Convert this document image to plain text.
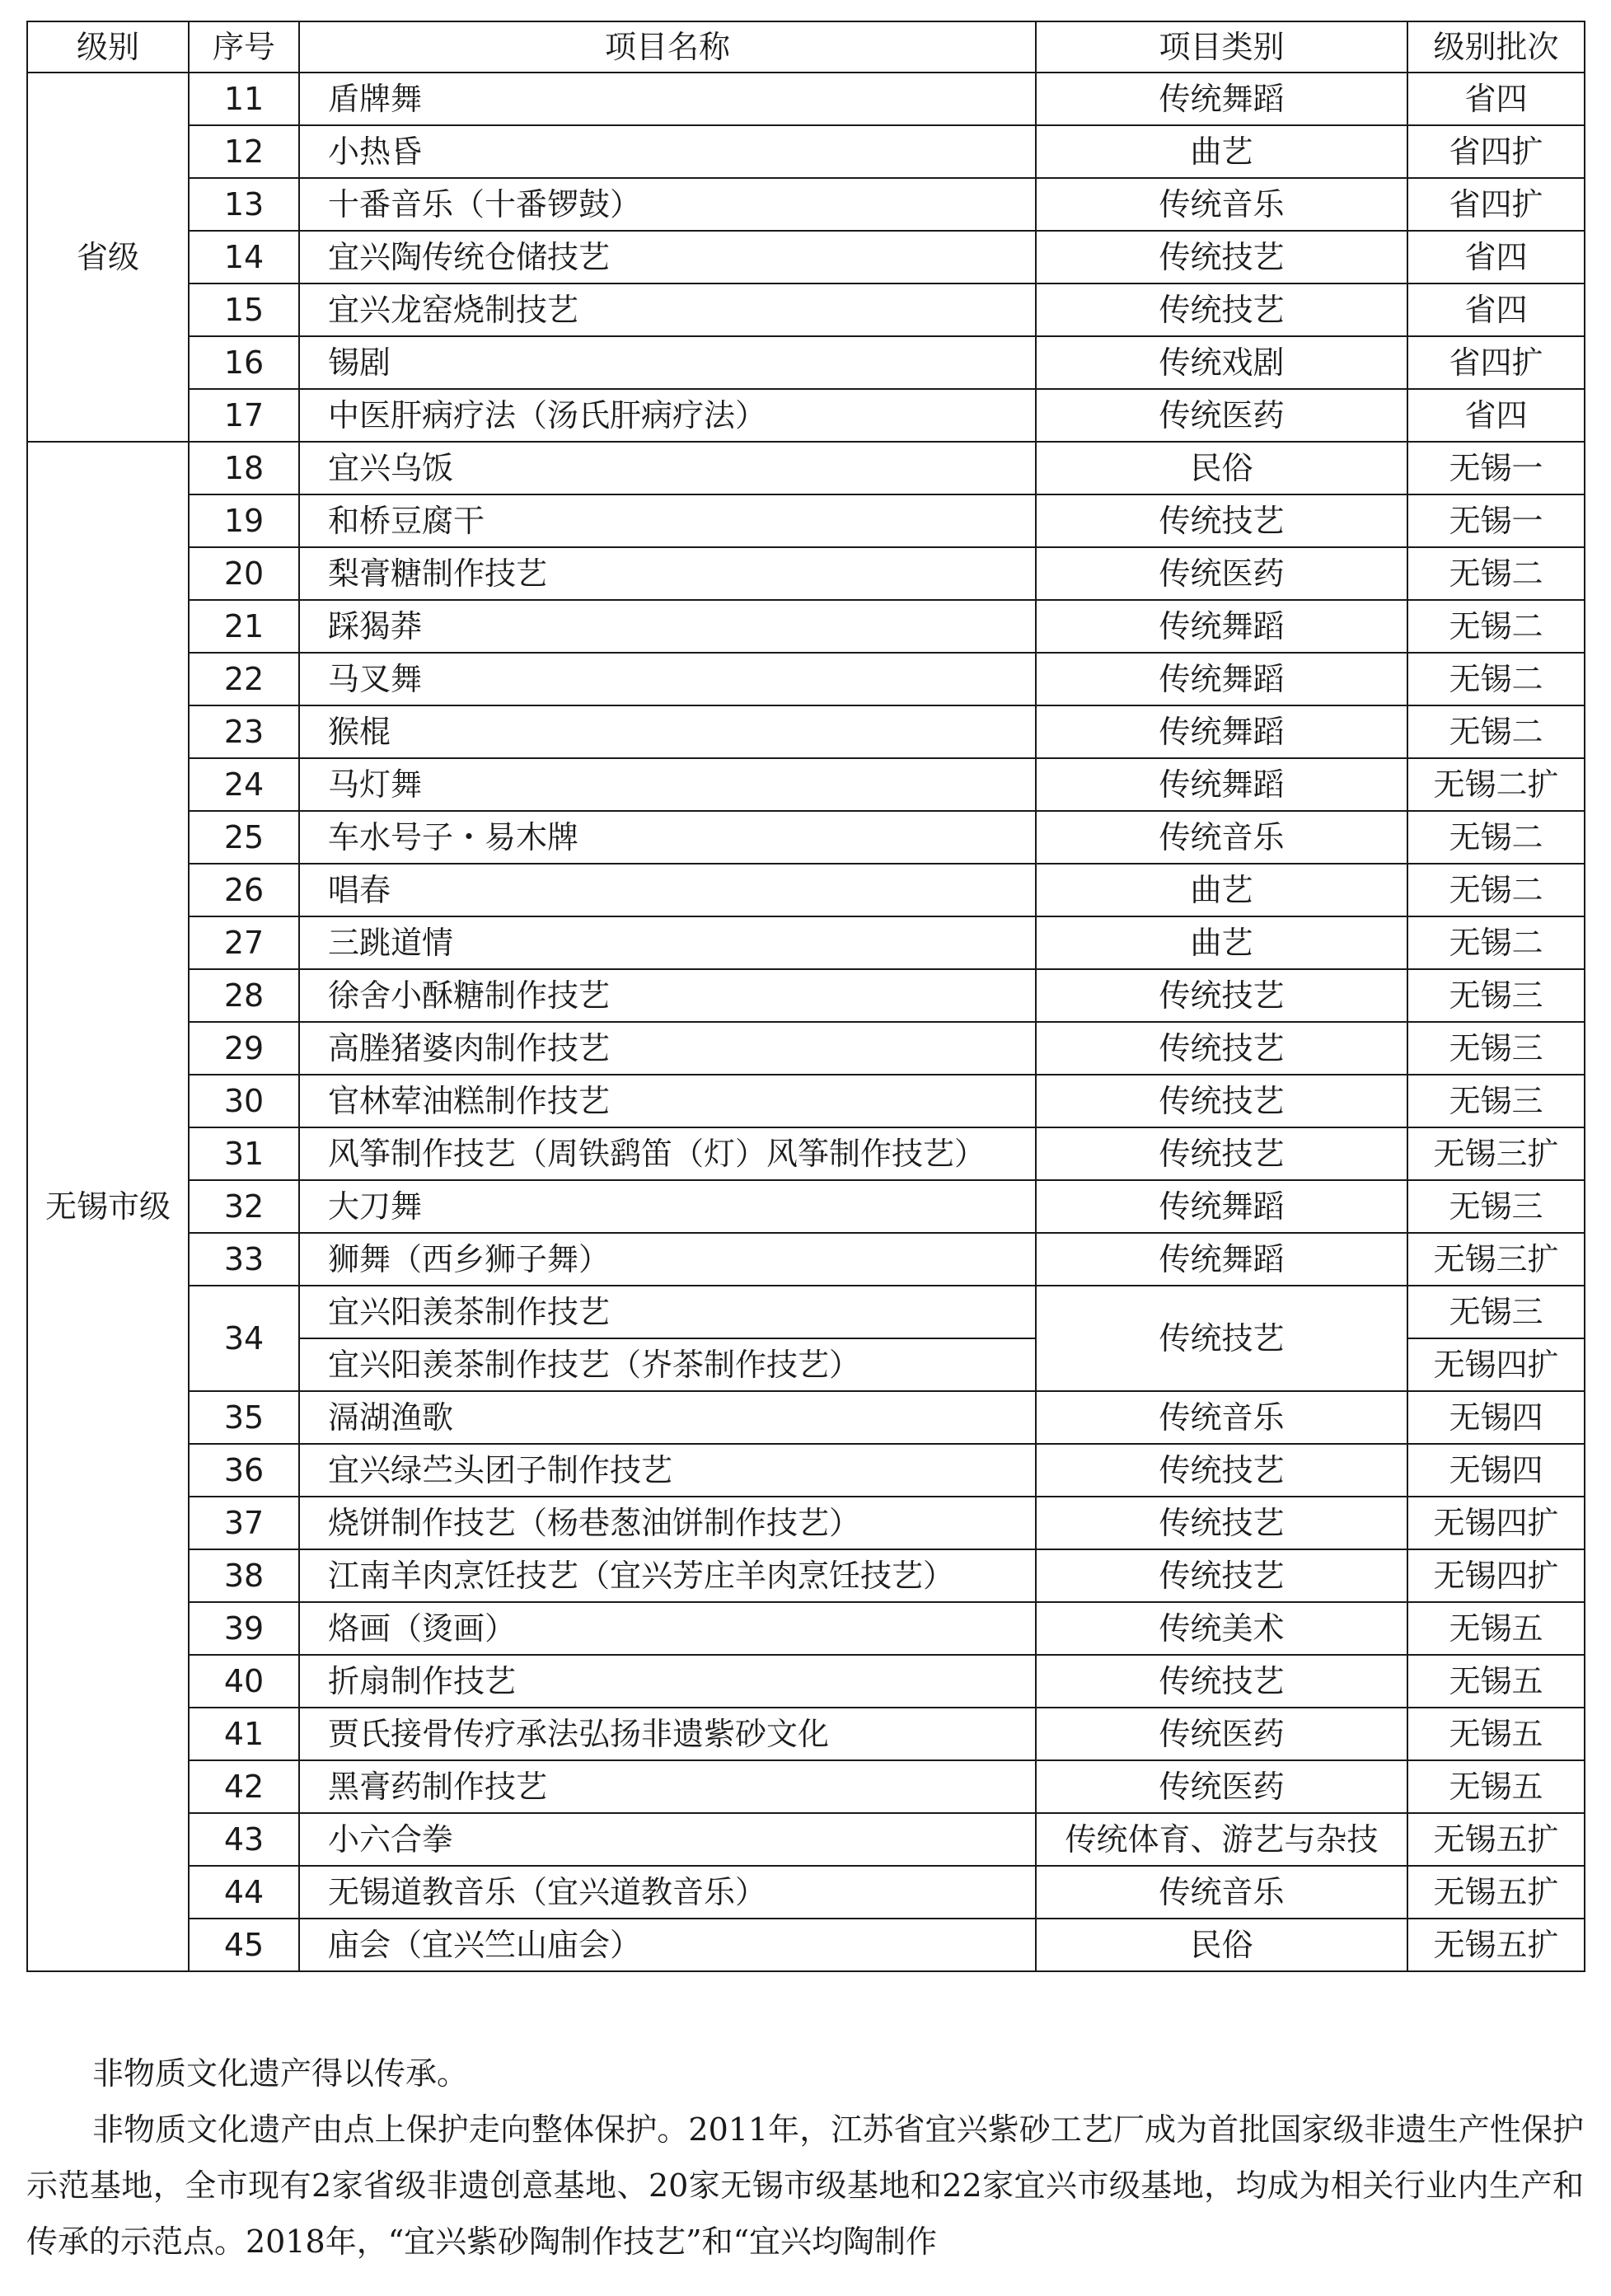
级别	序号	项目名称	项目类别	级别批次
省级	11	盾牌舞	传统舞蹈	省四
	12	小热昏	曲艺	省四扩
	13	十番音乐（十番锣鼓）	传统音乐	省四扩
	14	宜兴陶传统仓储技艺	传统技艺	省四
	15	宜兴龙窑烧制技艺	传统技艺	省四
	16	锡剧	传统戏剧	省四扩
	17	中医肝病疗法（汤氏肝病疗法）	传统医药	省四
无锡市级	18	宜兴乌饭	民俗	无锡一
	19	和桥豆腐干	传统技艺	无锡一
	20	梨膏糖制作技艺	传统医药	无锡二
	21	踩猲莽	传统舞蹈	无锡二
	22	马叉舞	传统舞蹈	无锡二
	23	猴棍	传统舞蹈	无锡二
	24	马灯舞	传统舞蹈	无锡二扩
	25	车水号子・易木牌	传统音乐	无锡二
	26	唱春	曲艺	无锡二
	27	三跳道情	曲艺	无锡二
	28	徐舍小酥糖制作技艺	传统技艺	无锡三
	29	高塍猪婆肉制作技艺	传统技艺	无锡三
	30	官林荤油糕制作技艺	传统技艺	无锡三
	31	风筝制作技艺（周铁鹞笛（灯）风筝制作技艺）	传统技艺	无锡三扩
	32	大刀舞	传统舞蹈	无锡三
	33	狮舞（西乡狮子舞）	传统舞蹈	无锡三扩
	34	宜兴阳羡茶制作技艺	传统技艺	无锡三
		宜兴阳羡茶制作技艺（岕茶制作技艺）		无锡四扩
	35	滆湖渔歌	传统音乐	无锡四
	36	宜兴绿苎头团子制作技艺	传统技艺	无锡四
	37	烧饼制作技艺（杨巷葱油饼制作技艺）	传统技艺	无锡四扩
	38	江南羊肉烹饪技艺（宜兴芳庄羊肉烹饪技艺）	传统技艺	无锡四扩
	39	烙画（烫画）	传统美术	无锡五
	40	折扇制作技艺	传统技艺	无锡五
	41	贾氏接骨传疗承法弘扬非遗紫砂文化	传统医药	无锡五
	42	黑膏药制作技艺	传统医药	无锡五
	43	小六合拳	传统体育、游艺与杂技	无锡五扩
	44	无锡道教音乐（宜兴道教音乐）	传统音乐	无锡五扩
	45	庙会（宜兴竺山庙会）	民俗	无锡五扩

非物质文化遗产得以传承。

非物质文化遗产由点上保护走向整体保护。2011年，江苏省宜兴紫砂工艺厂成为首批国家级非遗生产性保护示范基地，全市现有2家省级非遗创意基地、20家无锡市级基地和22家宜兴市级基地，均成为相关行业内生产和传承的示范点。2018年，“宜兴紫砂陶制作技艺”和“宜兴均陶制作
